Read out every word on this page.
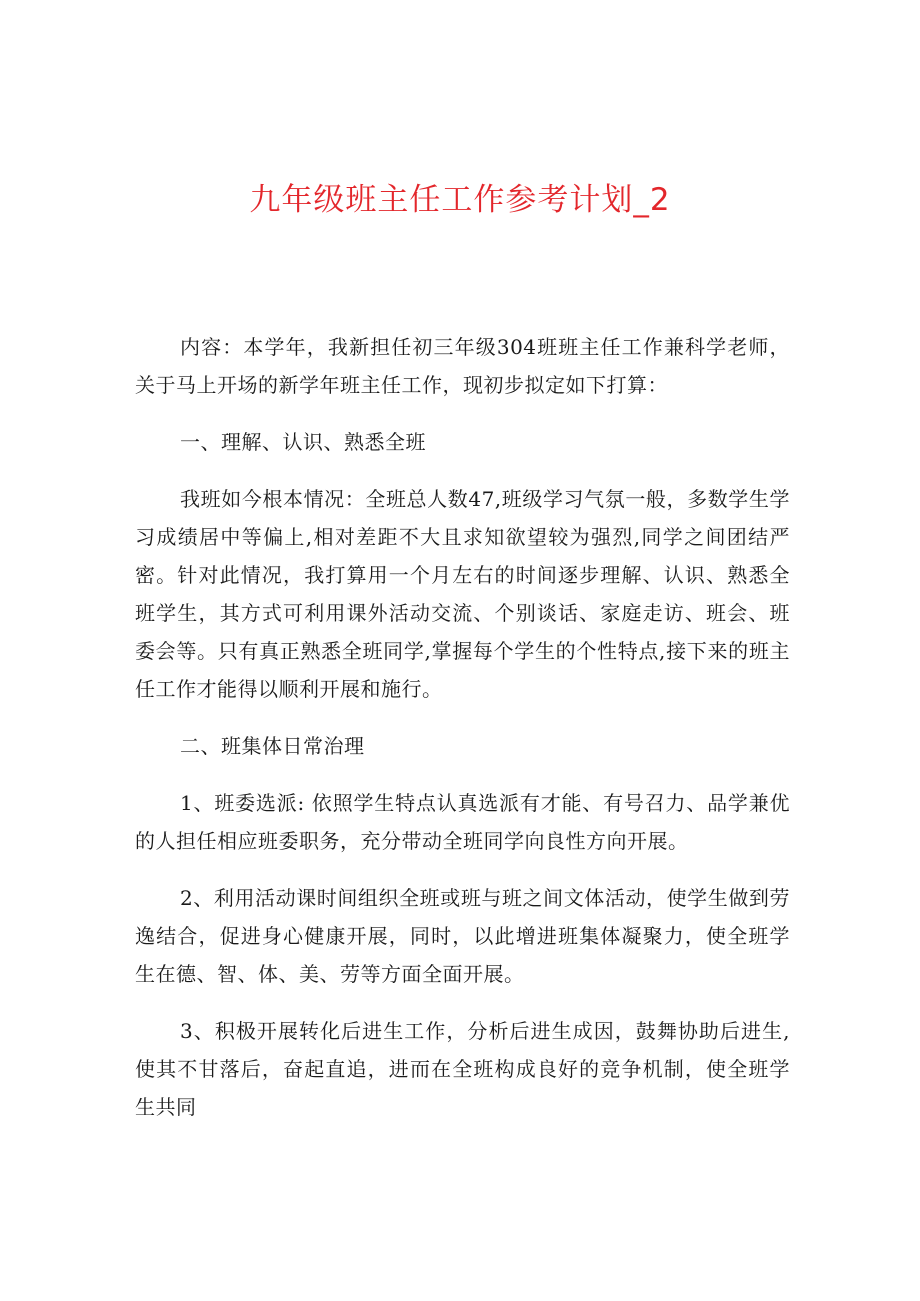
九年级班主任工作参考计划_2

内容：本学年，我新担任初三年级304班班主任工作兼科学老师，关于马上开场的新学年班主任工作，现初步拟定如下打算：

一、理解、认识、熟悉全班

我班如今根本情况：全班总人数47,班级学习气氛一般，多数学生学习成绩居中等偏上,相对差距不大且求知欲望较为强烈,同学之间团结严密。针对此情况，我打算用一个月左右的时间逐步理解、认识、熟悉全班学生，其方式可利用课外活动交流、个别谈话、家庭走访、班会、班委会等。只有真正熟悉全班同学,掌握每个学生的个性特点,接下来的班主任工作才能得以顺利开展和施行。

二、班集体日常治理

1、班委选派: 依照学生特点认真选派有才能、有号召力、品学兼优的人担任相应班委职务，充分带动全班同学向良性方向开展。

2、利用活动课时间组织全班或班与班之间文体活动，使学生做到劳逸结合，促进身心健康开展，同时，以此增进班集体凝聚力，使全班学生在德、智、体、美、劳等方面全面开展。

3、积极开展转化后进生工作，分析后进生成因，鼓舞协助后进生,使其不甘落后，奋起直追，进而在全班构成良好的竞争机制，使全班学生共同
